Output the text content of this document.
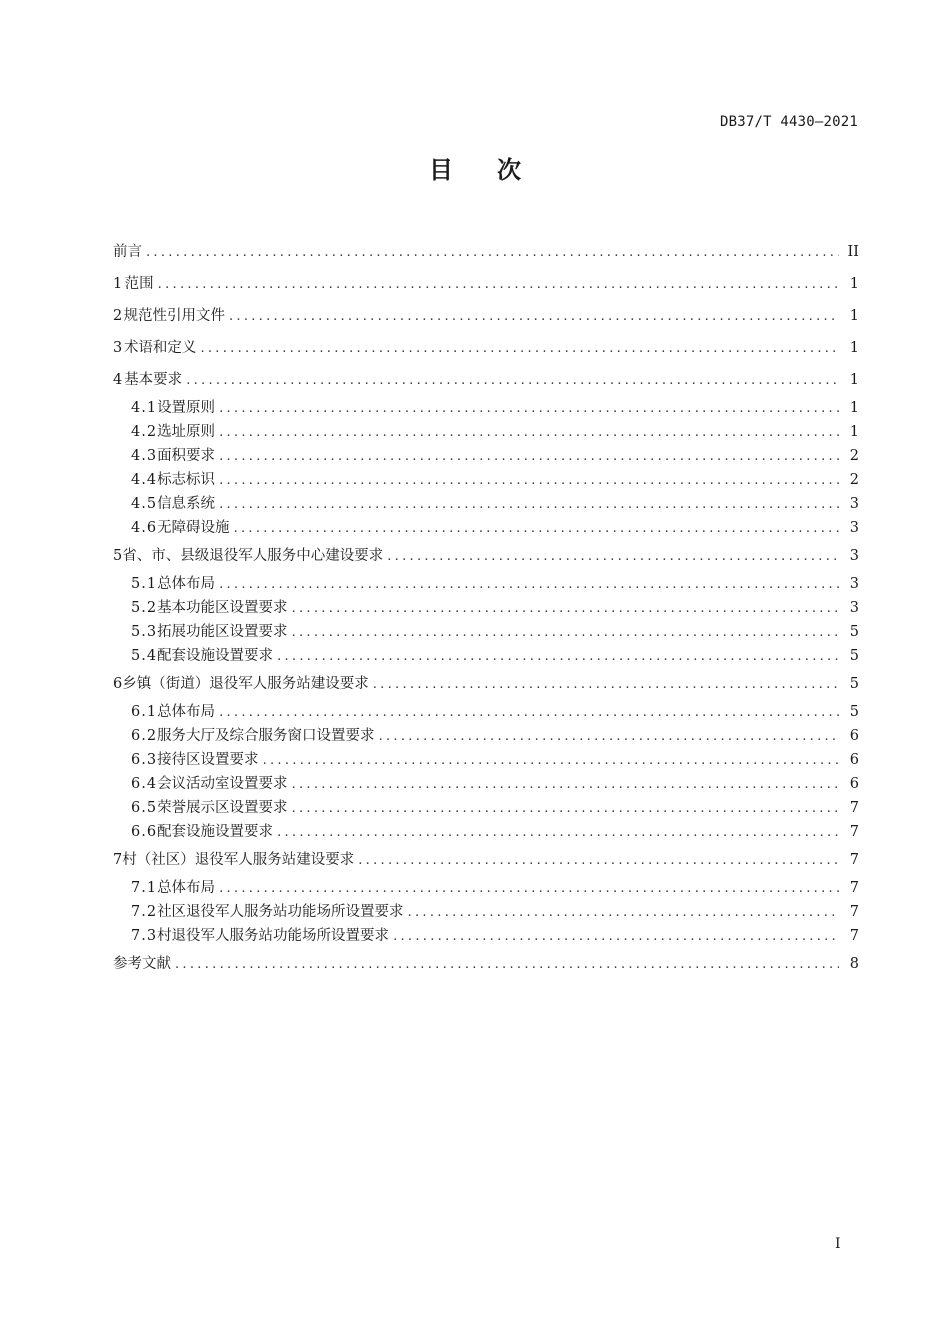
DB37/T 4430—2021
目次
前言 .....	II
1 范围 .....	1
2 规范性引用文件 .....	1
3 术语和定义 .....	1
4 基本要求 .....	1
4.1 设置原则 .....	1
4.2 选址原则 .....	1
4.3 面积要求 .....	2
4.4 标志标识 .....	2
4.5 信息系统 .....	3
4.6 无障碍设施 .....	3
5 省、市、县级退役军人服务中心建设要求 .....	3
5.1 总体布局 .....	3
5.2 基本功能区设置要求 .....	3
5.3 拓展功能区设置要求 .....	5
5.4 配套设施设置要求 .....	5
6 乡镇（街道）退役军人服务站建设要求 .....	5
6.1 总体布局 .....	5
6.2 服务大厅及综合服务窗口设置要求 .....	6
6.3 接待区设置要求 .....	6
6.4 会议活动室设置要求 .....	6
6.5 荣誉展示区设置要求 .....	7
6.6 配套设施设置要求 .....	7
7 村（社区）退役军人服务站建设要求 .....	7
7.1 总体布局 .....	7
7.2 社区退役军人服务站功能场所设置要求 .....	7
7.3 村退役军人服务站功能场所设置要求 .....	7
参考文献 .....	8
I
